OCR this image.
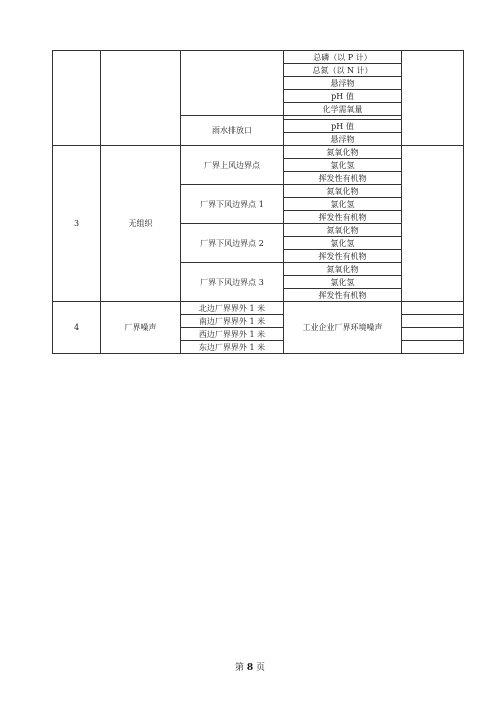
			总磷（以 P 计）	
			总氮（以 N 计）	
			悬浮物	
			pH 值	
			化学需氧量	
		雨水排放口		
			pH 值	
			悬浮物	
3	无组织	厂界上风边界点	氮氧化物	
			氯化氢	
			挥发性有机物	
		厂界下风边界点 1	氮氧化物	
			氯化氢	
			挥发性有机物	
		厂界下风边界点 2	氮氧化物	
			氯化氢	
			挥发性有机物	
		厂界下风边界点 3	氮氧化物	
			氯化氢	
			挥发性有机物	
4	厂界噪声	北边厂界界外 1 米	工业企业厂界环境噪声	
		南边厂界界外 1 米		
		西边厂界界外 1 米		
		东边厂界界外 1 米		
第 8 页
